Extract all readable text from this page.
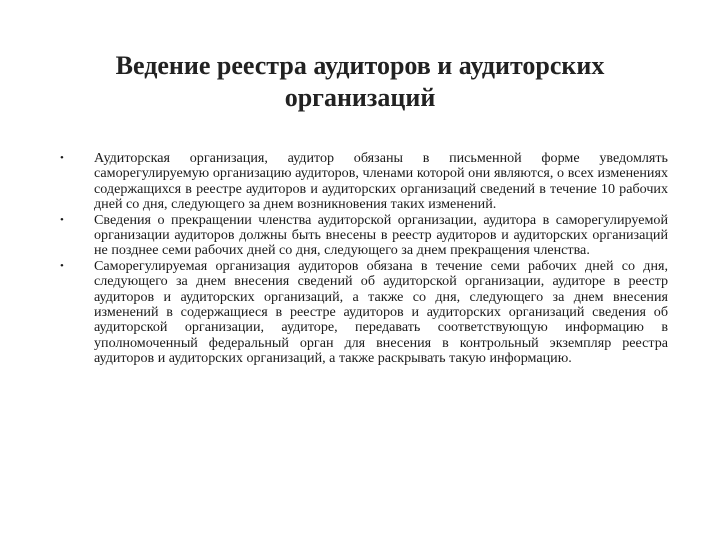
Ведение реестра аудиторов и аудиторских
организаций
• Аудиторская организация, аудитор обязаны в письменной форме уведомлять саморегулируемую организацию аудиторов, членами которой они являются, о всех изменениях содержащихся в реестре аудиторов и аудиторских организаций сведений в течение 10 рабочих дней со дня, следующего за днем возникновения таких изменений.
• Сведения о прекращении членства аудиторской организации, аудитора в саморегулируемой организации аудиторов должны быть внесены в реестр аудиторов и аудиторских организаций не позднее семи рабочих дней со дня, следующего за днем прекращения членства.
• Саморегулируемая организация аудиторов обязана в течение семи рабочих дней со дня, следующего за днем внесения сведений об аудиторской организации, аудиторе в реестр аудиторов и аудиторских организаций, а также со дня, следующего за днем внесения изменений в содержащиеся в реестре аудиторов и аудиторских организаций сведения об аудиторской организации, аудиторе, передавать соответствующую информацию в уполномоченный федеральный орган для внесения в контрольный экземпляр реестра аудиторов и аудиторских организаций, а также раскрывать такую информацию.
